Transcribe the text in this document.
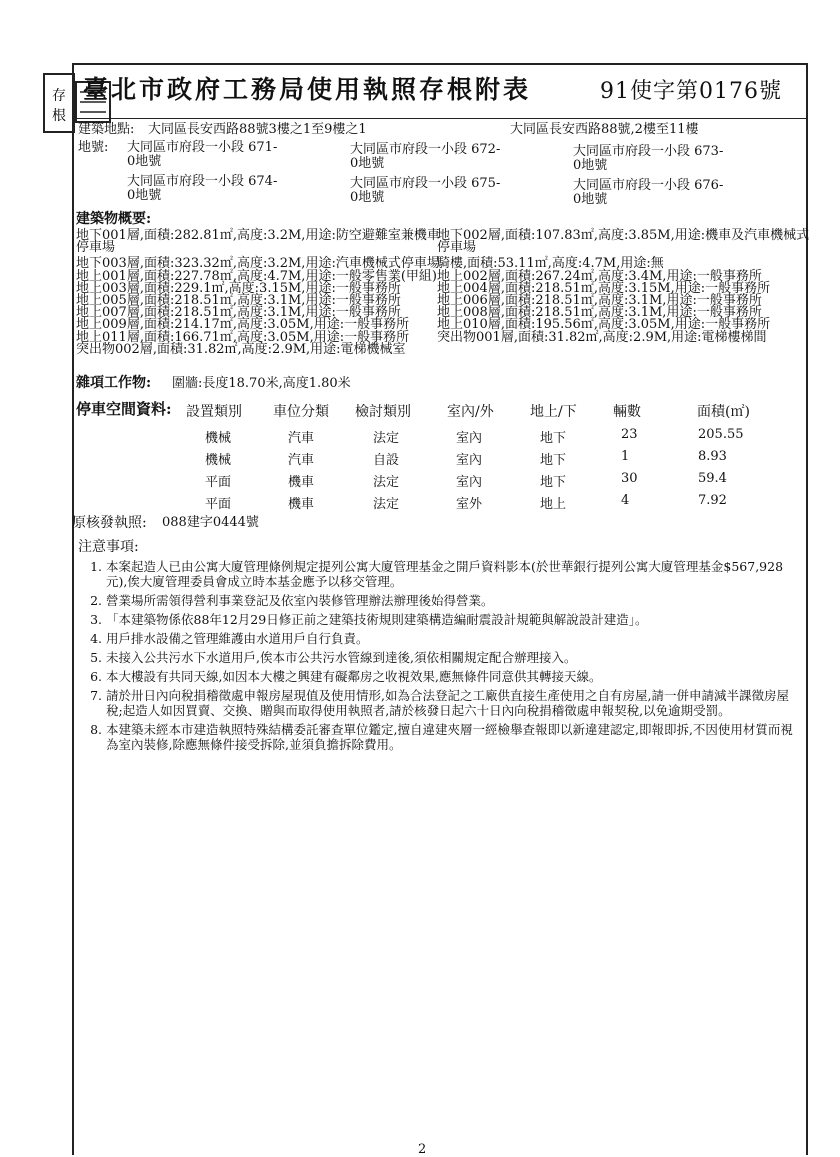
存
根
臺北市政府工務局使用執照存根附表	91使字第0176號
建築地點: 大同區長安西路88號3樓之1至9樓之1	大同區長安西路88號,2樓至11樓
地號: 大同區市府段一小段 671-
0地號
大同區市府段一小段 672-
0地號
大同區市府段一小段 673-
0地號
大同區市府段一小段 674-
0地號
大同區市府段一小段 675-
0地號
大同區市府段一小段 676-
0地號
建築物概要:
地下001層,面積:282.81㎡,高度:3.2M,用途:防空避難室兼機車
停車場
地下003層,面積:323.32㎡,高度:3.2M,用途:汽車機械式停車場
地上001層,面積:227.78㎡,高度:4.7M,用途:一般零售業(甲組)
地上003層,面積:229.1㎡,高度:3.15M,用途:一般事務所
地上005層,面積:218.51㎡,高度:3.1M,用途:一般事務所
地上007層,面積:218.51㎡,高度:3.1M,用途:一般事務所
地上009層,面積:214.17㎡,高度:3.05M,用途:一般事務所
地上011層,面積:166.71㎡,高度:3.05M,用途:一般事務所
突出物002層,面積:31.82㎡,高度:2.9M,用途:電梯機械室
地下002層,面積:107.83㎡,高度:3.85M,用途:機車及汽車機械式
停車場
騎樓,面積:53.11㎡,高度:4.7M,用途:無
地上002層,面積:267.24㎡,高度:3.4M,用途:一般事務所
地上004層,面積:218.51㎡,高度:3.15M,用途:一般事務所
地上006層,面積:218.51㎡,高度:3.1M,用途:一般事務所
地上008層,面積:218.51㎡,高度:3.1M,用途:一般事務所
地上010層,面積:195.56㎡,高度:3.05M,用途:一般事務所
突出物001層,面積:31.82㎡,高度:2.9M,用途:電梯樓梯間
雜項工作物: 圍牆:長度18.70米,高度1.80米
停車空間資料: 設置類別 車位分類 檢討類別	室內/外	地上/下	輛數	面積(㎡)
機械	汽車	法定	室內	地下	23	205.55
機械	汽車	自設	室內	地下	1	8.93
平面	機車	法定	室內	地下	30	59.4
平面	機車	法定	室外	地上	4	7.92
原核發執照: 088建字0444號
注意事項:
1. 本案起造人已由公寓大廈管理條例規定提列公寓大廈管理基金之開戶資料影本(於世華銀行提列公寓大廈管理基金$567,928元),俟大廈管理委員會成立時本基金應予以移交管理。
2. 營業場所需領得營利事業登記及依室內裝修管理辦法辦理後始得營業。
3. 「本建築物係依88年12月29日修正前之建築技術規則建築構造編耐震設計規範與解說設計建造」。
4. 用戶排水設備之管理維護由水道用戶自行負責。
5. 未接入公共污水下水道用戶,俟本市公共污水管線到達後,須依相關規定配合辦理接入。
6. 本大樓設有共同天線,如因本大樓之興建有礙鄰房之收視效果,應無條件同意供其轉接天線。
7. 請於卅日內向稅捐稽徵處申報房屋現值及使用情形,如為合法登記之工廠供直接生產使用之自有房屋,請一併申請減半課徵房屋稅;起造人如因買賣、交換、贈與而取得使用執照者,請於核發日起六十日內向稅捐稽徵處申報契稅,以免逾期受罰。
8. 本建築未經本市建造執照特殊結構委託審查單位鑑定,擅自違建夾層一經檢舉查報即以新違建認定,即報即拆,不因使用材質而視為室內裝修,除應無條件接受拆除,並須負擔拆除費用。
2
